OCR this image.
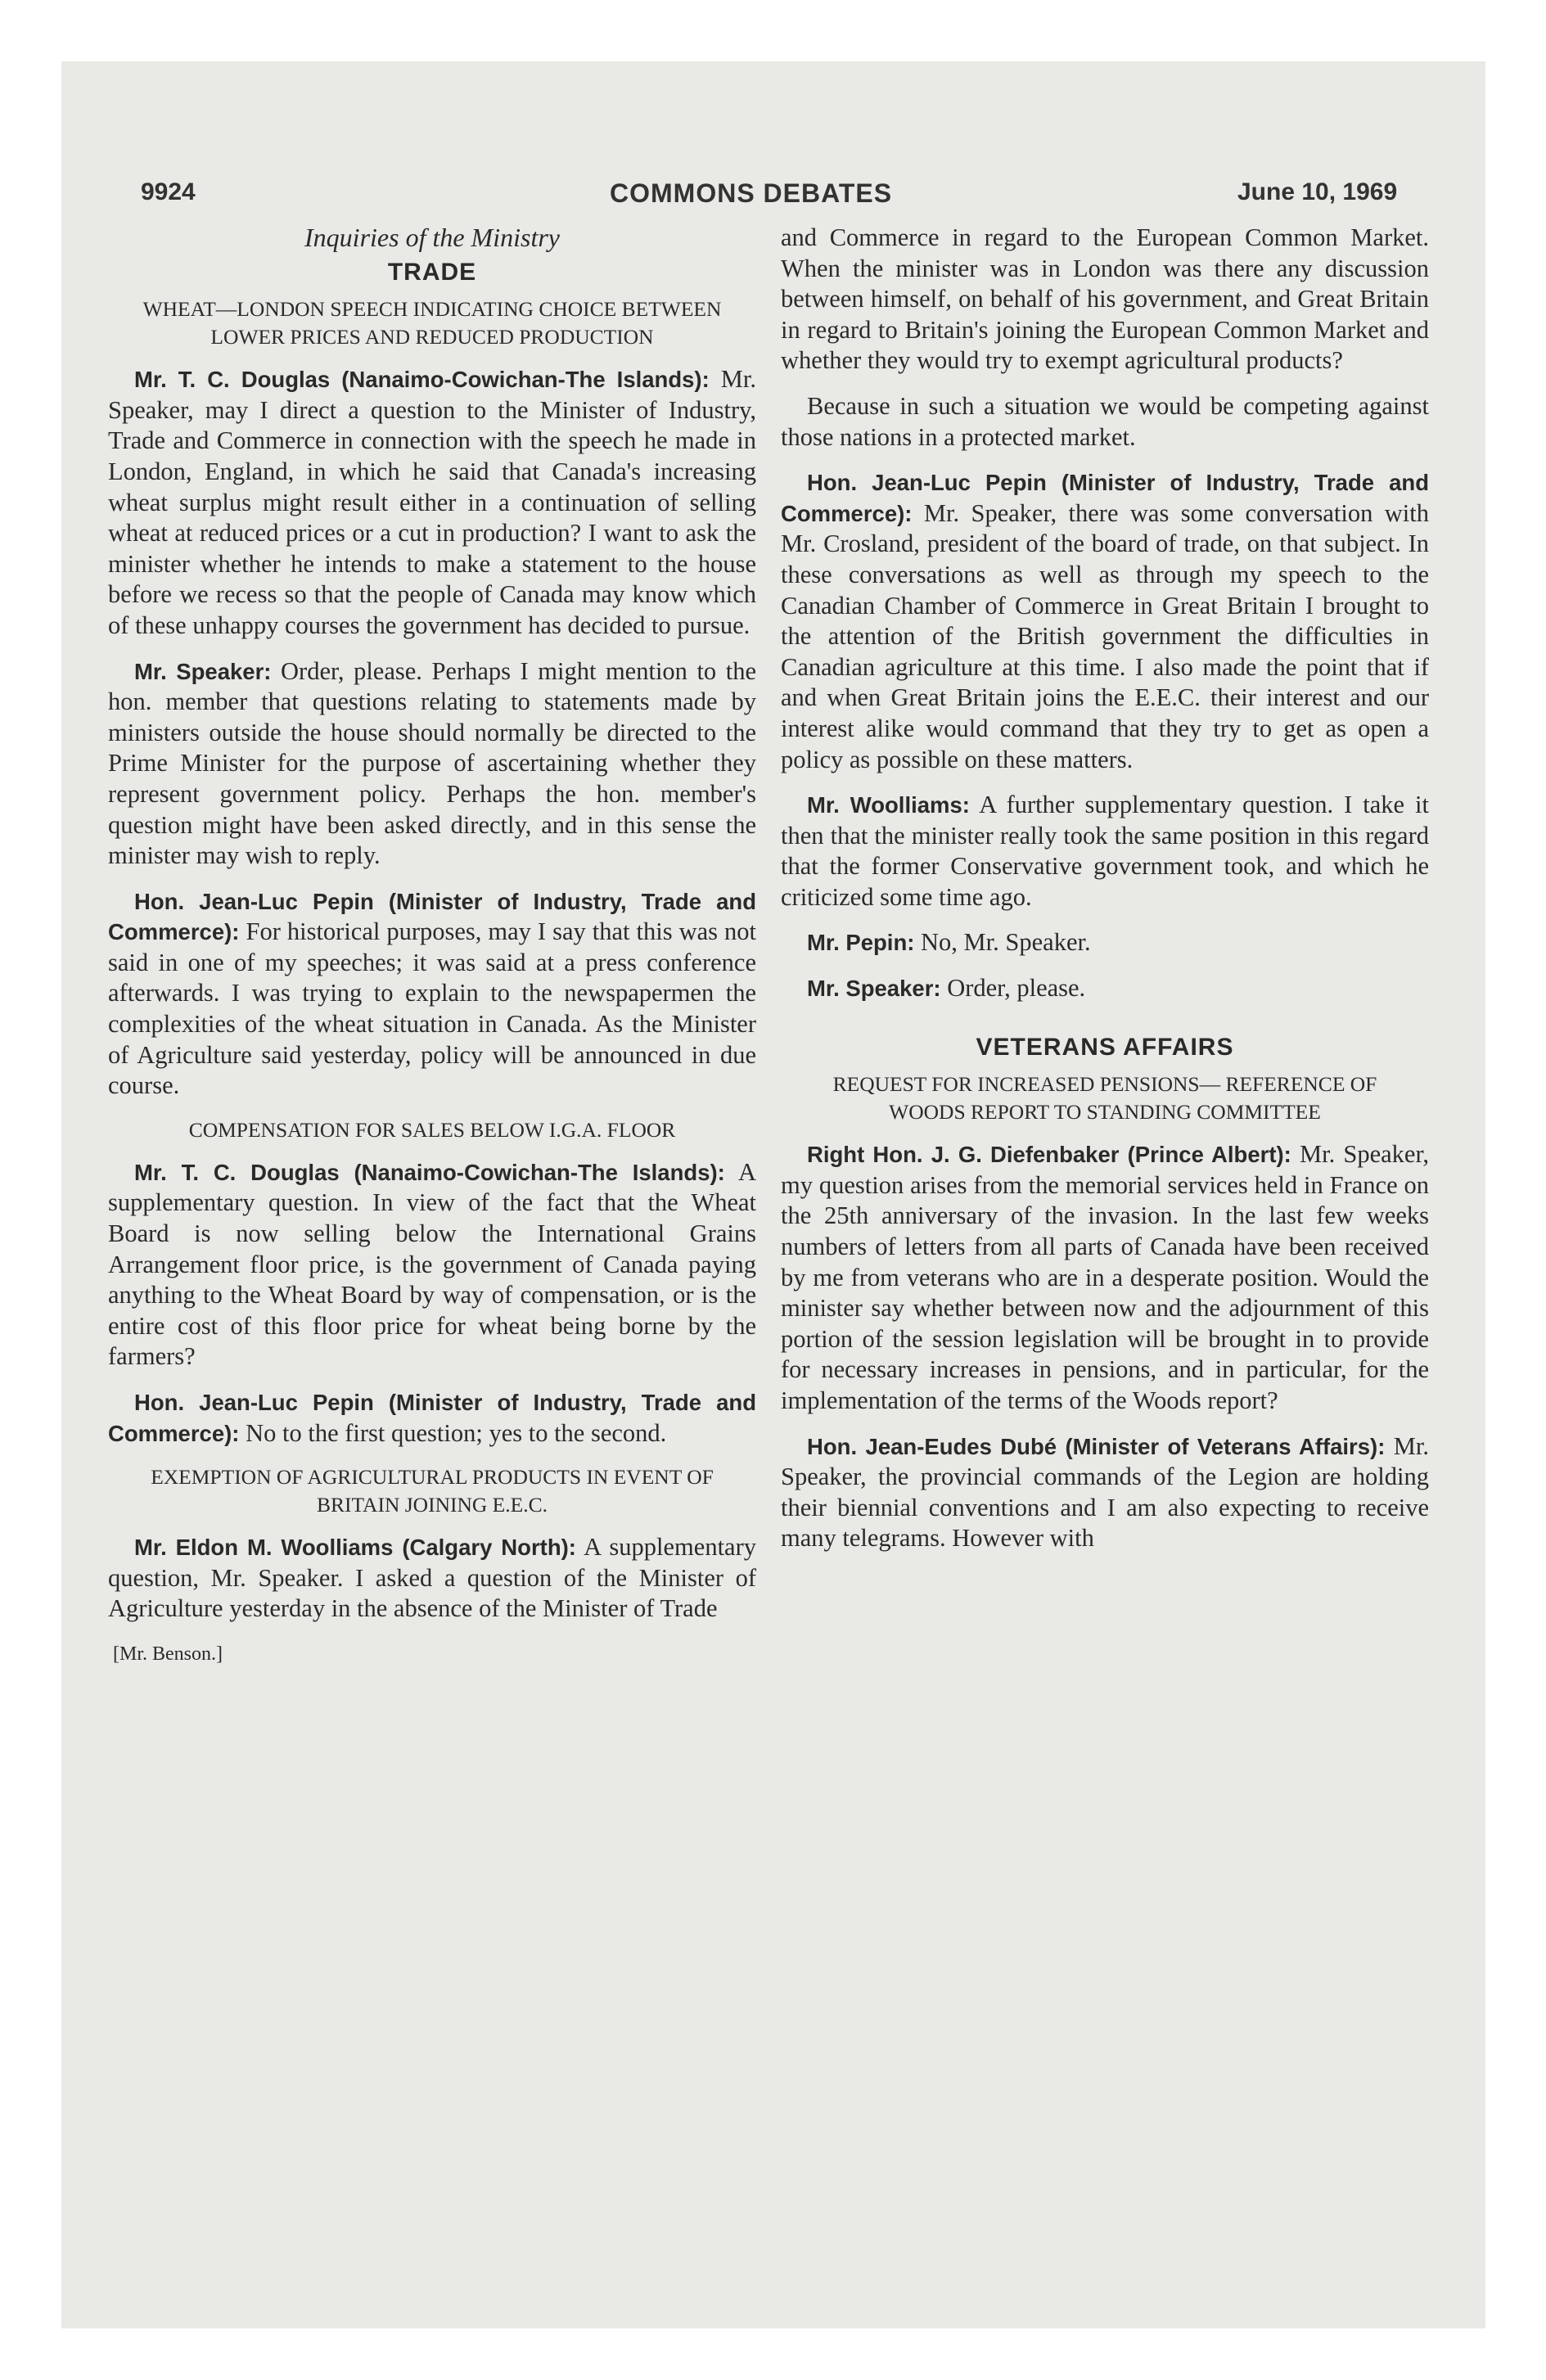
9924	COMMONS DEBATES	June 10, 1969
Inquiries of the Ministry
TRADE
WHEAT—LONDON SPEECH INDICATING CHOICE BETWEEN LOWER PRICES AND REDUCED PRODUCTION

Mr. T. C. Douglas (Nanaimo-Cowichan-The Islands): Mr. Speaker, may I direct a question to the Minister of Industry, Trade and Commerce in connection with the speech he made in London, England, in which he said that Canada's increasing wheat surplus might result either in a continuation of selling wheat at reduced prices or a cut in production? I want to ask the minister whether he intends to make a statement to the house before we recess so that the people of Canada may know which of these unhappy courses the government has decided to pursue.

Mr. Speaker: Order, please. Perhaps I might mention to the hon. member that questions relating to statements made by ministers outside the house should normally be directed to the Prime Minister for the purpose of ascertaining whether they represent government policy. Perhaps the hon. member's question might have been asked directly, and in this sense the minister may wish to reply.

Hon. Jean-Luc Pepin (Minister of Industry, Trade and Commerce): For historical purposes, may I say that this was not said in one of my speeches; it was said at a press conference afterwards. I was trying to explain to the newspapermen the complexities of the wheat situation in Canada. As the Minister of Agriculture said yesterday, policy will be announced in due course.

COMPENSATION FOR SALES BELOW I.G.A. FLOOR

Mr. T. C. Douglas (Nanaimo-Cowichan-The Islands): A supplementary question. In view of the fact that the Wheat Board is now selling below the International Grains Arrangement floor price, is the government of Canada paying anything to the Wheat Board by way of compensation, or is the entire cost of this floor price for wheat being borne by the farmers?

Hon. Jean-Luc Pepin (Minister of Industry, Trade and Commerce): No to the first question; yes to the second.

EXEMPTION OF AGRICULTURAL PRODUCTS IN EVENT OF BRITAIN JOINING E.E.C.

Mr. Eldon M. Woolliams (Calgary North): A supplementary question, Mr. Speaker. I asked a question of the Minister of Agriculture yesterday in the absence of the Minister of Trade

[Mr. Benson.]

and Commerce in regard to the European Common Market. When the minister was in London was there any discussion between himself, on behalf of his government, and Great Britain in regard to Britain's joining the European Common Market and whether they would try to exempt agricultural products?

Because in such a situation we would be competing against those nations in a protected market.

Hon. Jean-Luc Pepin (Minister of Industry, Trade and Commerce): Mr. Speaker, there was some conversation with Mr. Crosland, president of the board of trade, on that subject. In these conversations as well as through my speech to the Canadian Chamber of Commerce in Great Britain I brought to the attention of the British government the difficulties in Canadian agriculture at this time. I also made the point that if and when Great Britain joins the E.E.C. their interest and our interest alike would command that they try to get as open a policy as possible on these matters.

Mr. Woolliams: A further supplementary question. I take it then that the minister really took the same position in this regard that the former Conservative government took, and which he criticized some time ago.

Mr. Pepin: No, Mr. Speaker.

Mr. Speaker: Order, please.

VETERANS AFFAIRS
REQUEST FOR INCREASED PENSIONS— REFERENCE OF WOODS REPORT TO STANDING COMMITTEE

Right Hon. J. G. Diefenbaker (Prince Albert): Mr. Speaker, my question arises from the memorial services held in France on the 25th anniversary of the invasion. In the last few weeks numbers of letters from all parts of Canada have been received by me from veterans who are in a desperate position. Would the minister say whether between now and the adjournment of this portion of the session legislation will be brought in to provide for necessary increases in pensions, and in particular, for the implementation of the terms of the Woods report?

Hon. Jean-Eudes Dubé (Minister of Veterans Affairs): Mr. Speaker, the provincial commands of the Legion are holding their biennial conventions and I am also expecting to receive many telegrams. However with
